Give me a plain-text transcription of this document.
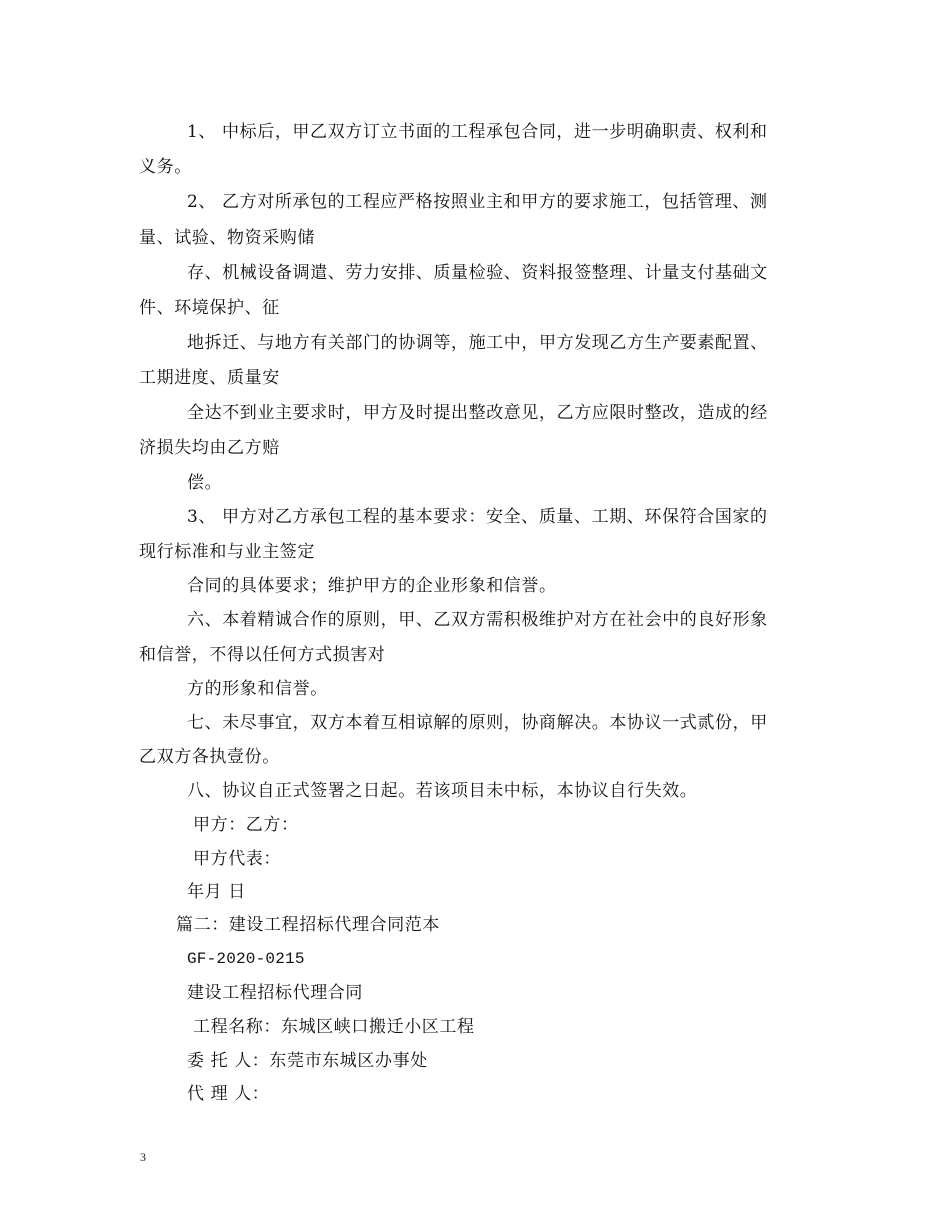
1、 中标后，甲乙双方订立书面的工程承包合同，进一步明确职责、权利和
义务。
2、 乙方对所承包的工程应严格按照业主和甲方的要求施工，包括管理、测
量、试验、物资采购储
存、机械设备调遣、劳力安排、质量检验、资料报签整理、计量支付基础文
件、环境保护、征
地拆迁、与地方有关部门的协调等，施工中，甲方发现乙方生产要素配置、
工期进度、质量安
全达不到业主要求时，甲方及时提出整改意见，乙方应限时整改，造成的经
济损失均由乙方赔
偿。
3、 甲方对乙方承包工程的基本要求：安全、质量、工期、环保符合国家的
现行标准和与业主签定
合同的具体要求；维护甲方的企业形象和信誉。
六、本着精诚合作的原则，甲、乙双方需积极维护对方在社会中的良好形象
和信誉，不得以任何方式损害对
方的形象和信誉。
七、未尽事宜，双方本着互相谅解的原则，协商解决。本协议一式贰份，甲
乙双方各执壹份。
八、协议自正式签署之日起。若该项目未中标，本协议自行失效。
甲方：乙方：
甲方代表：
年月 日
篇二：建设工程招标代理合同范本
GF-2020-0215
建设工程招标代理合同
工程名称：东城区峡口搬迁小区工程
委 托 人：东莞市东城区办事处
代 理 人：
3
